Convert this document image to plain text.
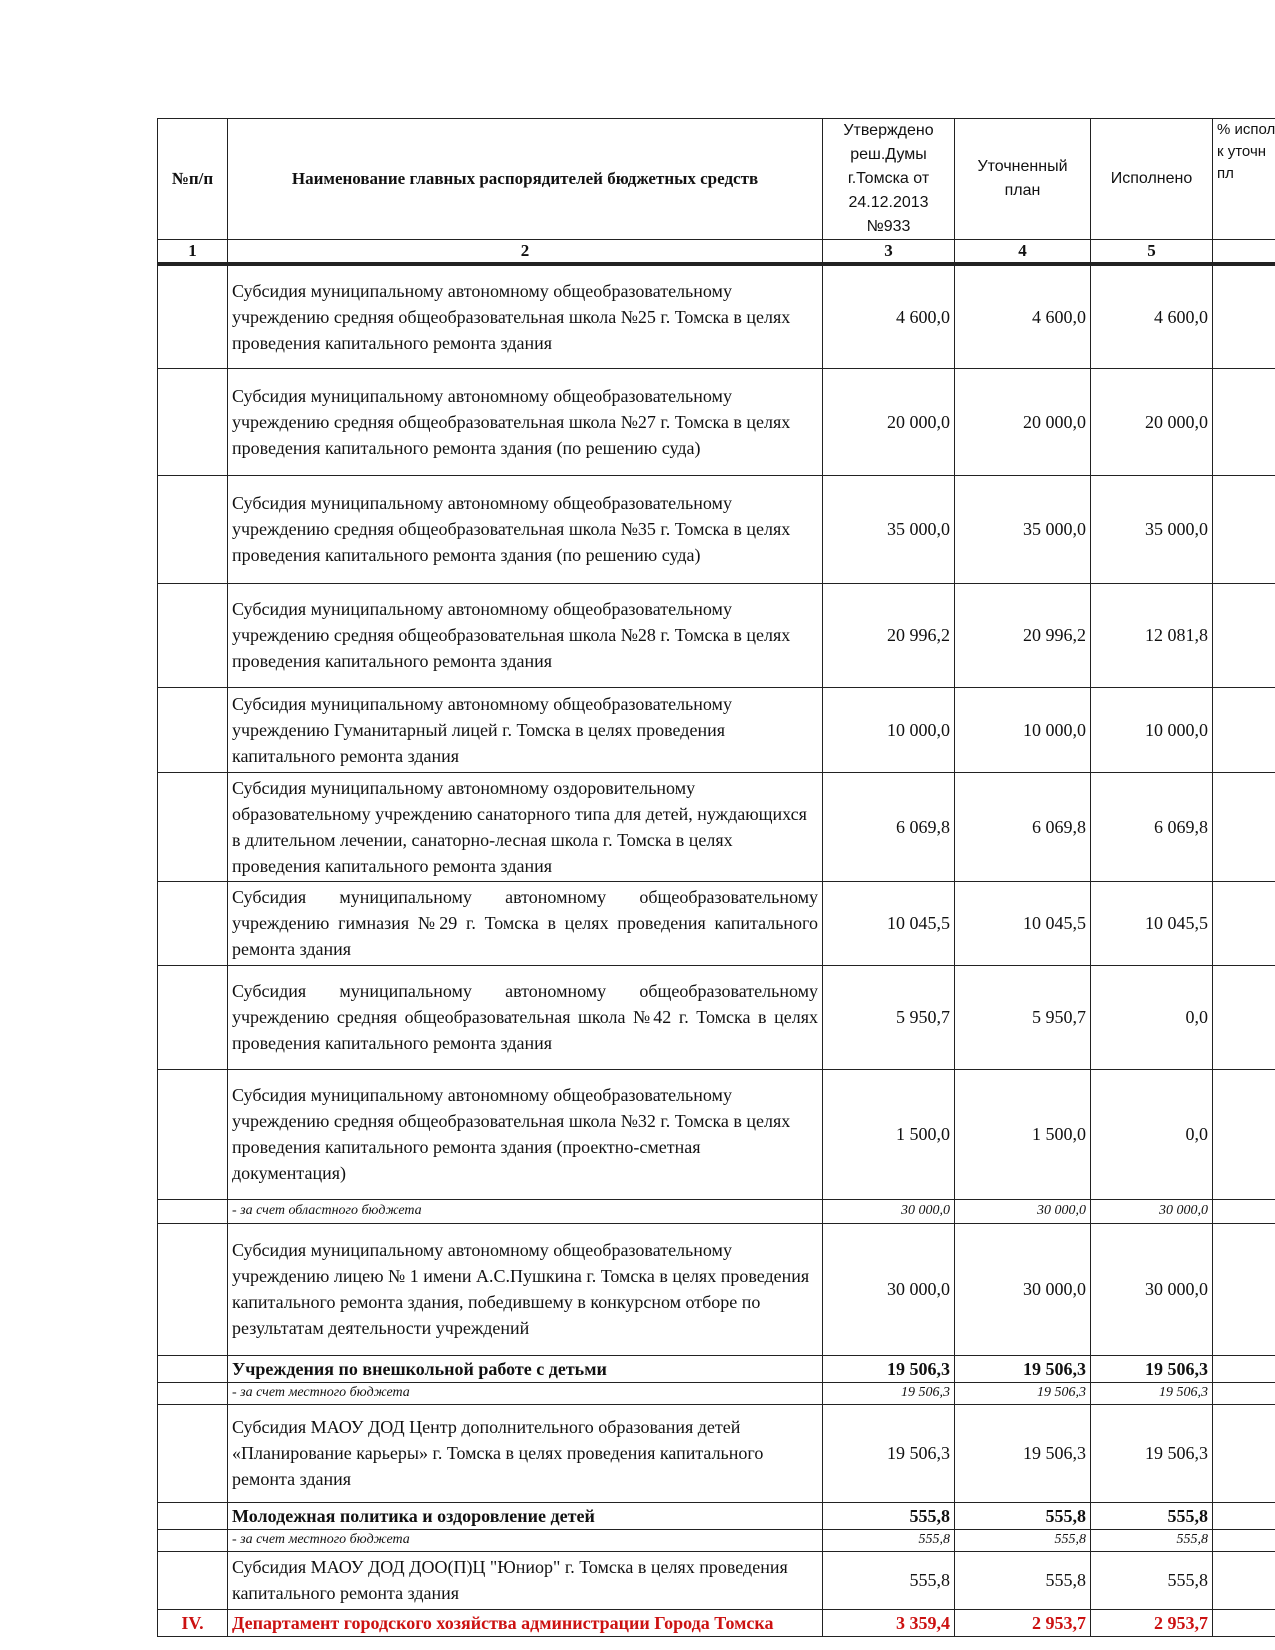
№п/п	Наименование главных распорядителей бюджетных средств	Утверждено реш.Думы г.Томска от 24.12.2013 №933	Уточненный план	Исполнено	% испол к уточн пл
1	2	3	4	5	
	Субсидия муниципальному автономному общеобразовательному учреждению средняя общеобразовательная школа №25 г. Томска в целях проведения капитального ремонта здания	4 600,0	4 600,0	4 600,0	
	Субсидия муниципальному автономному общеобразовательному учреждению средняя общеобразовательная школа №27 г. Томска в целях проведения капитального ремонта здания (по решению суда)	20 000,0	20 000,0	20 000,0	
	Субсидия муниципальному автономному общеобразовательному учреждению средняя общеобразовательная школа №35 г. Томска в целях проведения капитального ремонта здания (по решению суда)	35 000,0	35 000,0	35 000,0	
	Субсидия муниципальному автономному общеобразовательному учреждению средняя общеобразовательная школа №28 г. Томска в целях проведения капитального ремонта здания	20 996,2	20 996,2	12 081,8	
	Субсидия муниципальному автономному общеобразовательному учреждению Гуманитарный лицей г. Томска в целях проведения капитального ремонта здания	10 000,0	10 000,0	10 000,0	
	Субсидия муниципальному автономному оздоровительному образовательному учреждению санаторного типа для детей, нуждающихся в длительном лечении, санаторно-лесная школа г. Томска в целях проведения капитального ремонта здания	6 069,8	6 069,8	6 069,8	
	Субсидия муниципальному автономному общеобразовательному учреждению гимназия №29 г. Томска в целях проведения капитального ремонта здания	10 045,5	10 045,5	10 045,5	
	Субсидия муниципальному автономному общеобразовательному учреждению средняя общеобразовательная школа №42 г. Томска в целях проведения капитального ремонта здания	5 950,7	5 950,7	0,0	
	Субсидия муниципальному автономному общеобразовательному учреждению средняя общеобразовательная школа №32 г. Томска в целях проведения капитального ремонта здания (проектно-сметная документация)	1 500,0	1 500,0	0,0	
	- за счет областного бюджета	30 000,0	30 000,0	30 000,0	
	Субсидия муниципальному автономному общеобразовательному учреждению лицею № 1 имени А.С.Пушкина г. Томска в целях проведения капитального ремонта здания, победившему в конкурсном отборе по результатам деятельности учреждений	30 000,0	30 000,0	30 000,0	
	Учреждения по внешкольной работе с детьми	19 506,3	19 506,3	19 506,3	
	- за счет местного бюджета	19 506,3	19 506,3	19 506,3	
	Субсидия МАОУ ДОД Центр дополнительного образования детей «Планирование карьеры» г. Томска в целях проведения капитального ремонта здания	19 506,3	19 506,3	19 506,3	
	Молодежная политика и оздоровление детей	555,8	555,8	555,8	
	- за счет местного бюджета	555,8	555,8	555,8	
	Субсидия МАОУ ДОД ДОО(П)Ц "Юниор" г. Томска в целях проведения капитального ремонта здания	555,8	555,8	555,8	
IV.	Департамент городского хозяйства администрации Города Томска	3 359,4	2 953,7	2 953,7	
